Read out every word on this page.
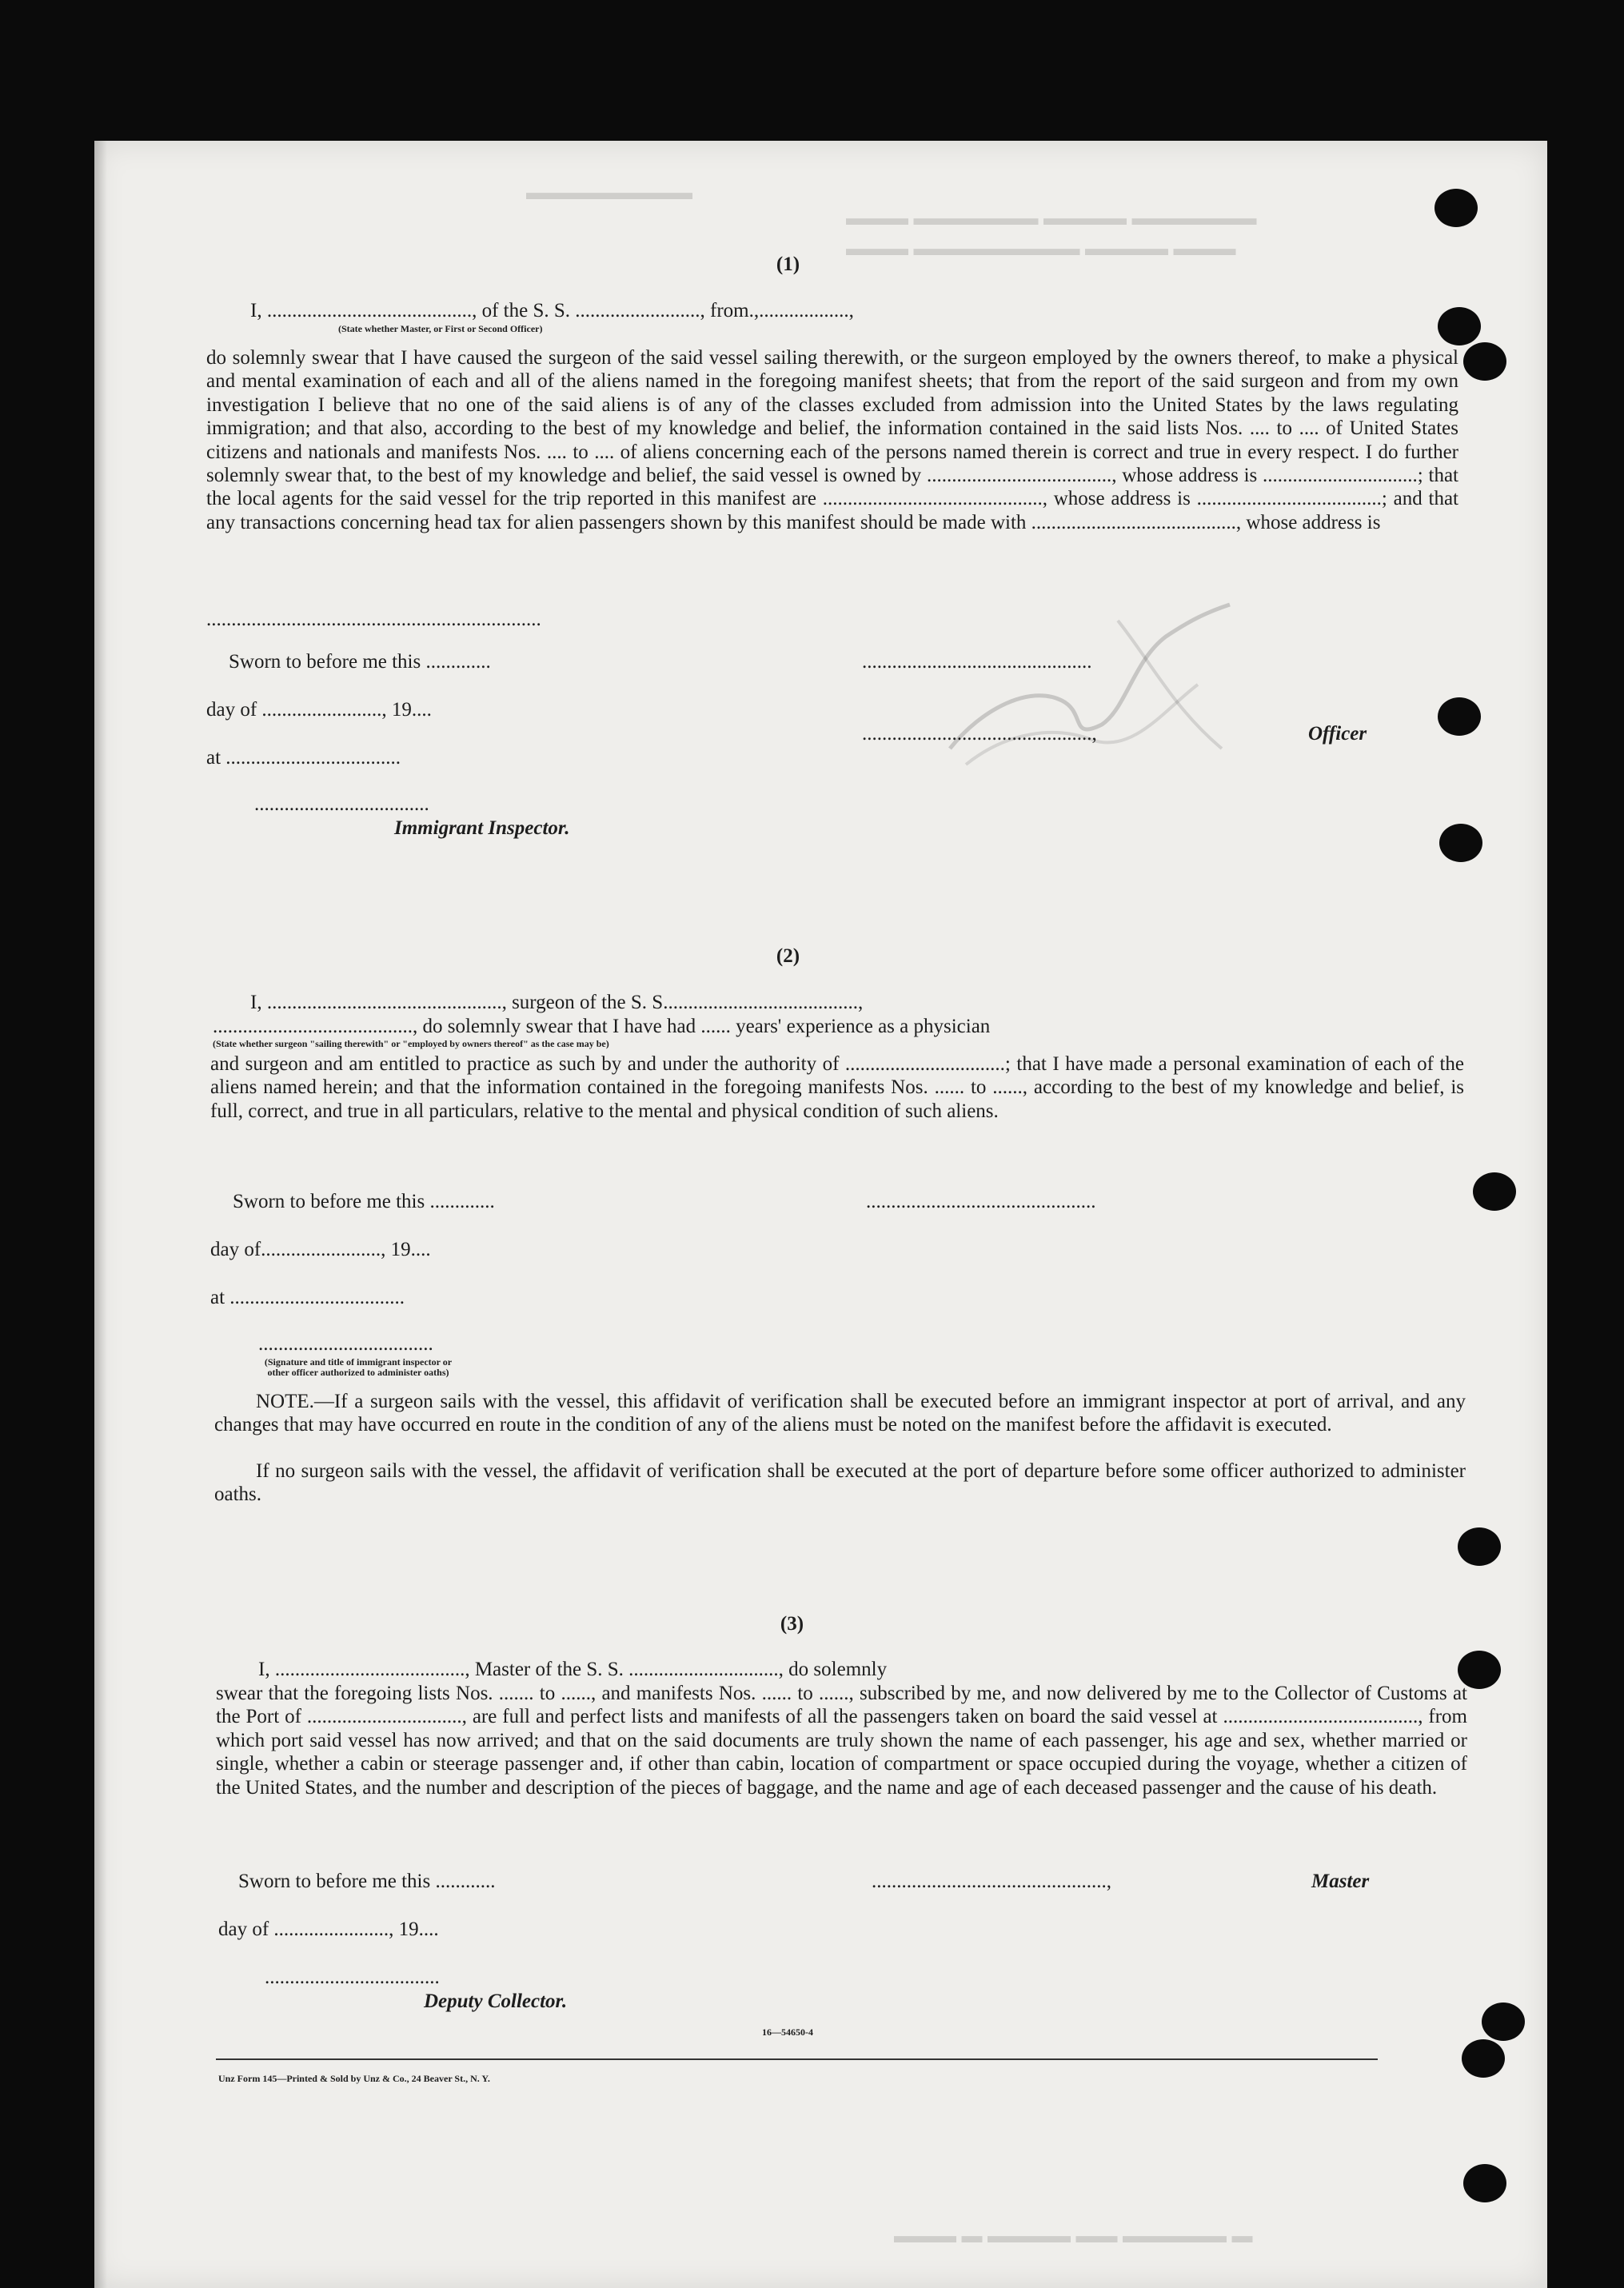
▬▬▬▬▬▬▬▬
▬▬▬ ▬▬▬▬▬▬ ▬▬▬▬ ▬▬▬▬▬▬
▬▬▬ ▬▬▬▬▬▬▬▬ ▬▬▬▬ ▬▬▬
(1)
I, ........................................., of the S. S. ........................., from.,..................,
(State whether Master, or First or Second Officer)
do solemnly swear that I have caused the surgeon of the said vessel sailing therewith, or the surgeon employed by the owners thereof, to make a physical and mental examination of each and all of the aliens named in the foregoing manifest sheets; that from the report of the said surgeon and from my own investigation I believe that no one of the said aliens is of any of the classes excluded from admission into the United States by the laws regulating immigration; and that also, according to the best of my knowledge and belief, the information contained in the said lists Nos. .... to .... of United States citizens and nationals and manifests Nos. .... to .... of aliens concerning each of the persons named therein is correct and true in every respect. I do further solemnly swear that, to the best of my knowledge and belief, the said vessel is owned by ....................................., whose address is ...............................; that the local agents for the said vessel for the trip reported in this manifest are ............................................, whose address is .....................................; and that any transactions concerning head tax for alien passengers shown by this manifest should be made with ........................................., whose address is
...................................................................
Sworn to before me this .............	..............................................
day of ........................, 19....
..............................................,	Officer
at ...................................
...................................
Immigrant Inspector.
(2)
I, ..............................................., surgeon of the S. S.......................................,
........................................, do solemnly swear that I have had ...... years' experience as a physician
(State whether surgeon "sailing therewith" or "employed by owners thereof" as the case may be)
and surgeon and am entitled to practice as such by and under the authority of ................................; that I have made a personal examination of each of the aliens named herein; and that the information contained in the foregoing manifests Nos. ...... to ......, according to the best of my knowledge and belief, is full, correct, and true in all particulars, relative to the mental and physical condition of such aliens.
Sworn to before me this .............	..............................................
day of........................, 19....
at ...................................
...................................
(Signature and title of immigrant inspector or
other officer authorized to administer oaths)
NOTE.—If a surgeon sails with the vessel, this affidavit of verification shall be executed before an immigrant inspector at port of arrival, and any changes that may have occurred en route in the condition of any of the aliens must be noted on the manifest before the affidavit is executed.
If no surgeon sails with the vessel, the affidavit of verification shall be executed at the port of departure before some officer authorized to administer oaths.
(3)
I, ......................................, Master of the S. S. .............................., do solemnly
swear that the foregoing lists Nos. ....... to ......, and manifests Nos. ...... to ......, subscribed by me, and now delivered by me to the Collector of Customs at the Port of ..............................., are full and perfect lists and manifests of all the passengers taken on board the said vessel at ......................................., from which port said vessel has now arrived; and that on the said documents are truly shown the name of each passenger, his age and sex, whether married or single, whether a cabin or steerage passenger and, if other than cabin, location of compartment or space occupied during the voyage, whether a citizen of the United States, and the number and description of the pieces of baggage, and the name and age of each deceased passenger and the cause of his death.
Sworn to before me this ............	...............................................,	Master
day of ......................., 19....
...................................
Deputy Collector.
16—54650-4
Unz Form 145—Printed & Sold by Unz & Co., 24 Beaver St., N. Y.
▬▬▬ ▬ ▬▬▬▬ ▬▬ ▬▬▬▬▬ ▬
